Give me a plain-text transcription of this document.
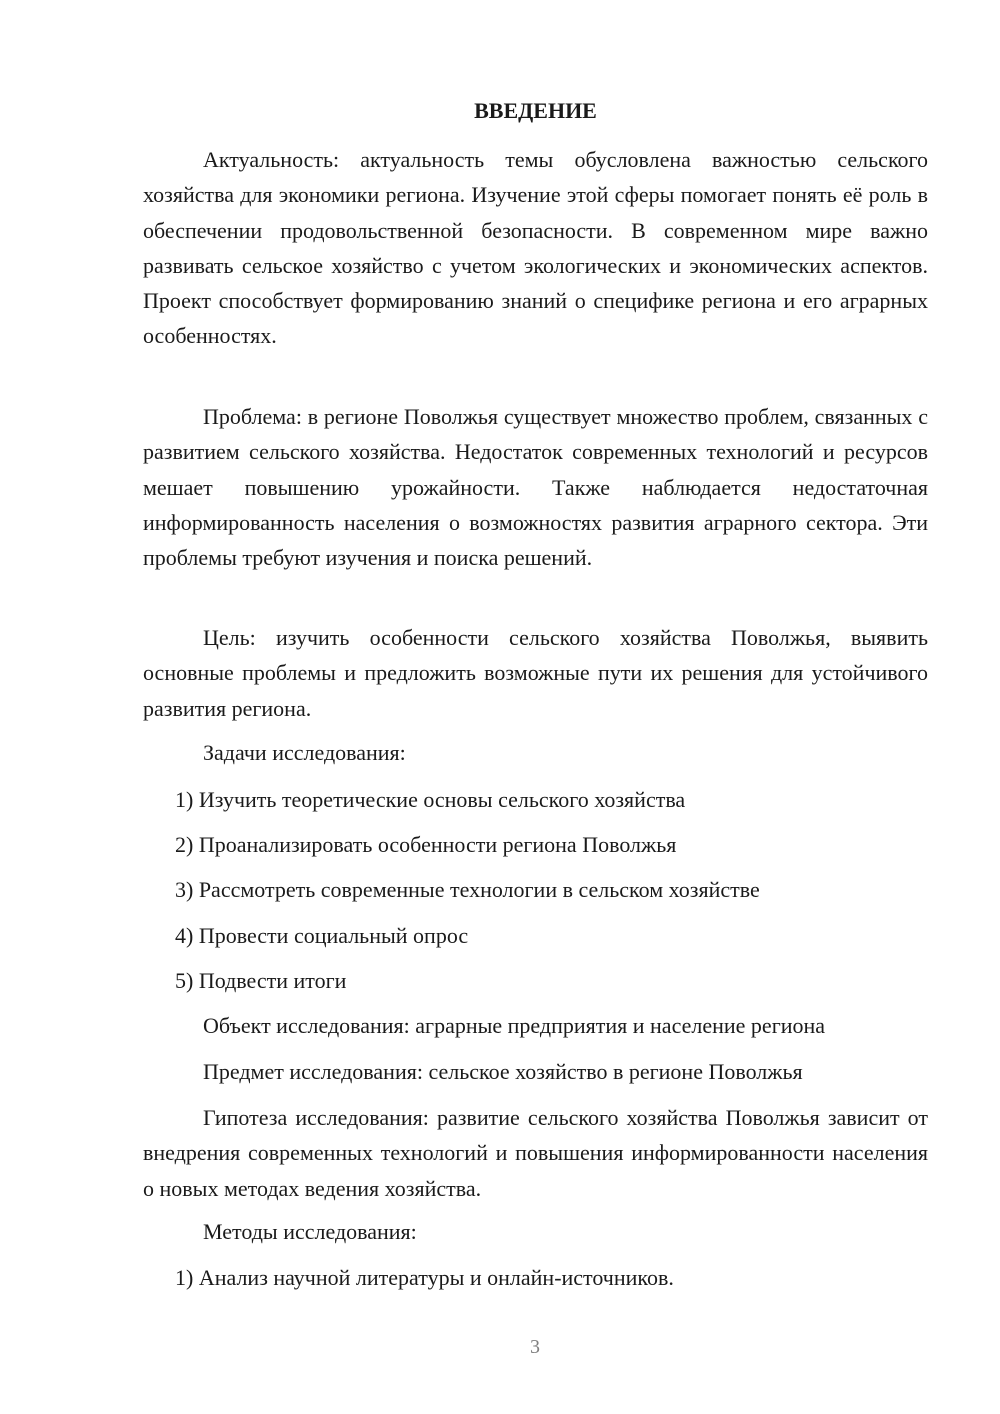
ВВЕДЕНИЕ

Актуальность: актуальность темы обусловлена важностью сельского хозяйства для экономики региона. Изучение этой сферы помогает понять её роль в обеспечении продовольственной безопасности. В современном мире важно развивать сельское хозяйство с учетом экологических и экономических аспектов. Проект способствует формированию знаний о специфике региона и его аграрных особенностях.

Проблема: в регионе Поволжья существует множество проблем, связанных с развитием сельского хозяйства. Недостаток современных технологий и ресурсов мешает повышению урожайности. Также наблюдается недостаточная информированность населения о возможностях развития аграрного сектора. Эти проблемы требуют изучения и поиска решений.

Цель: изучить особенности сельского хозяйства Поволжья, выявить основные проблемы и предложить возможные пути их решения для устойчивого развития региона.

Задачи исследования:

1) Изучить теоретические основы сельского хозяйства

2) Проанализировать особенности региона Поволжья

3) Рассмотреть современные технологии в сельском хозяйстве

4) Провести социальный опрос

5) Подвести итоги

Объект исследования: аграрные предприятия и население региона

Предмет исследования: сельское хозяйство в регионе Поволжья

Гипотеза исследования: развитие сельского хозяйства Поволжья зависит от внедрения современных технологий и повышения информированности населения о новых методах ведения хозяйства.

Методы исследования:

1) Анализ научной литературы и онлайн-источников.

3
